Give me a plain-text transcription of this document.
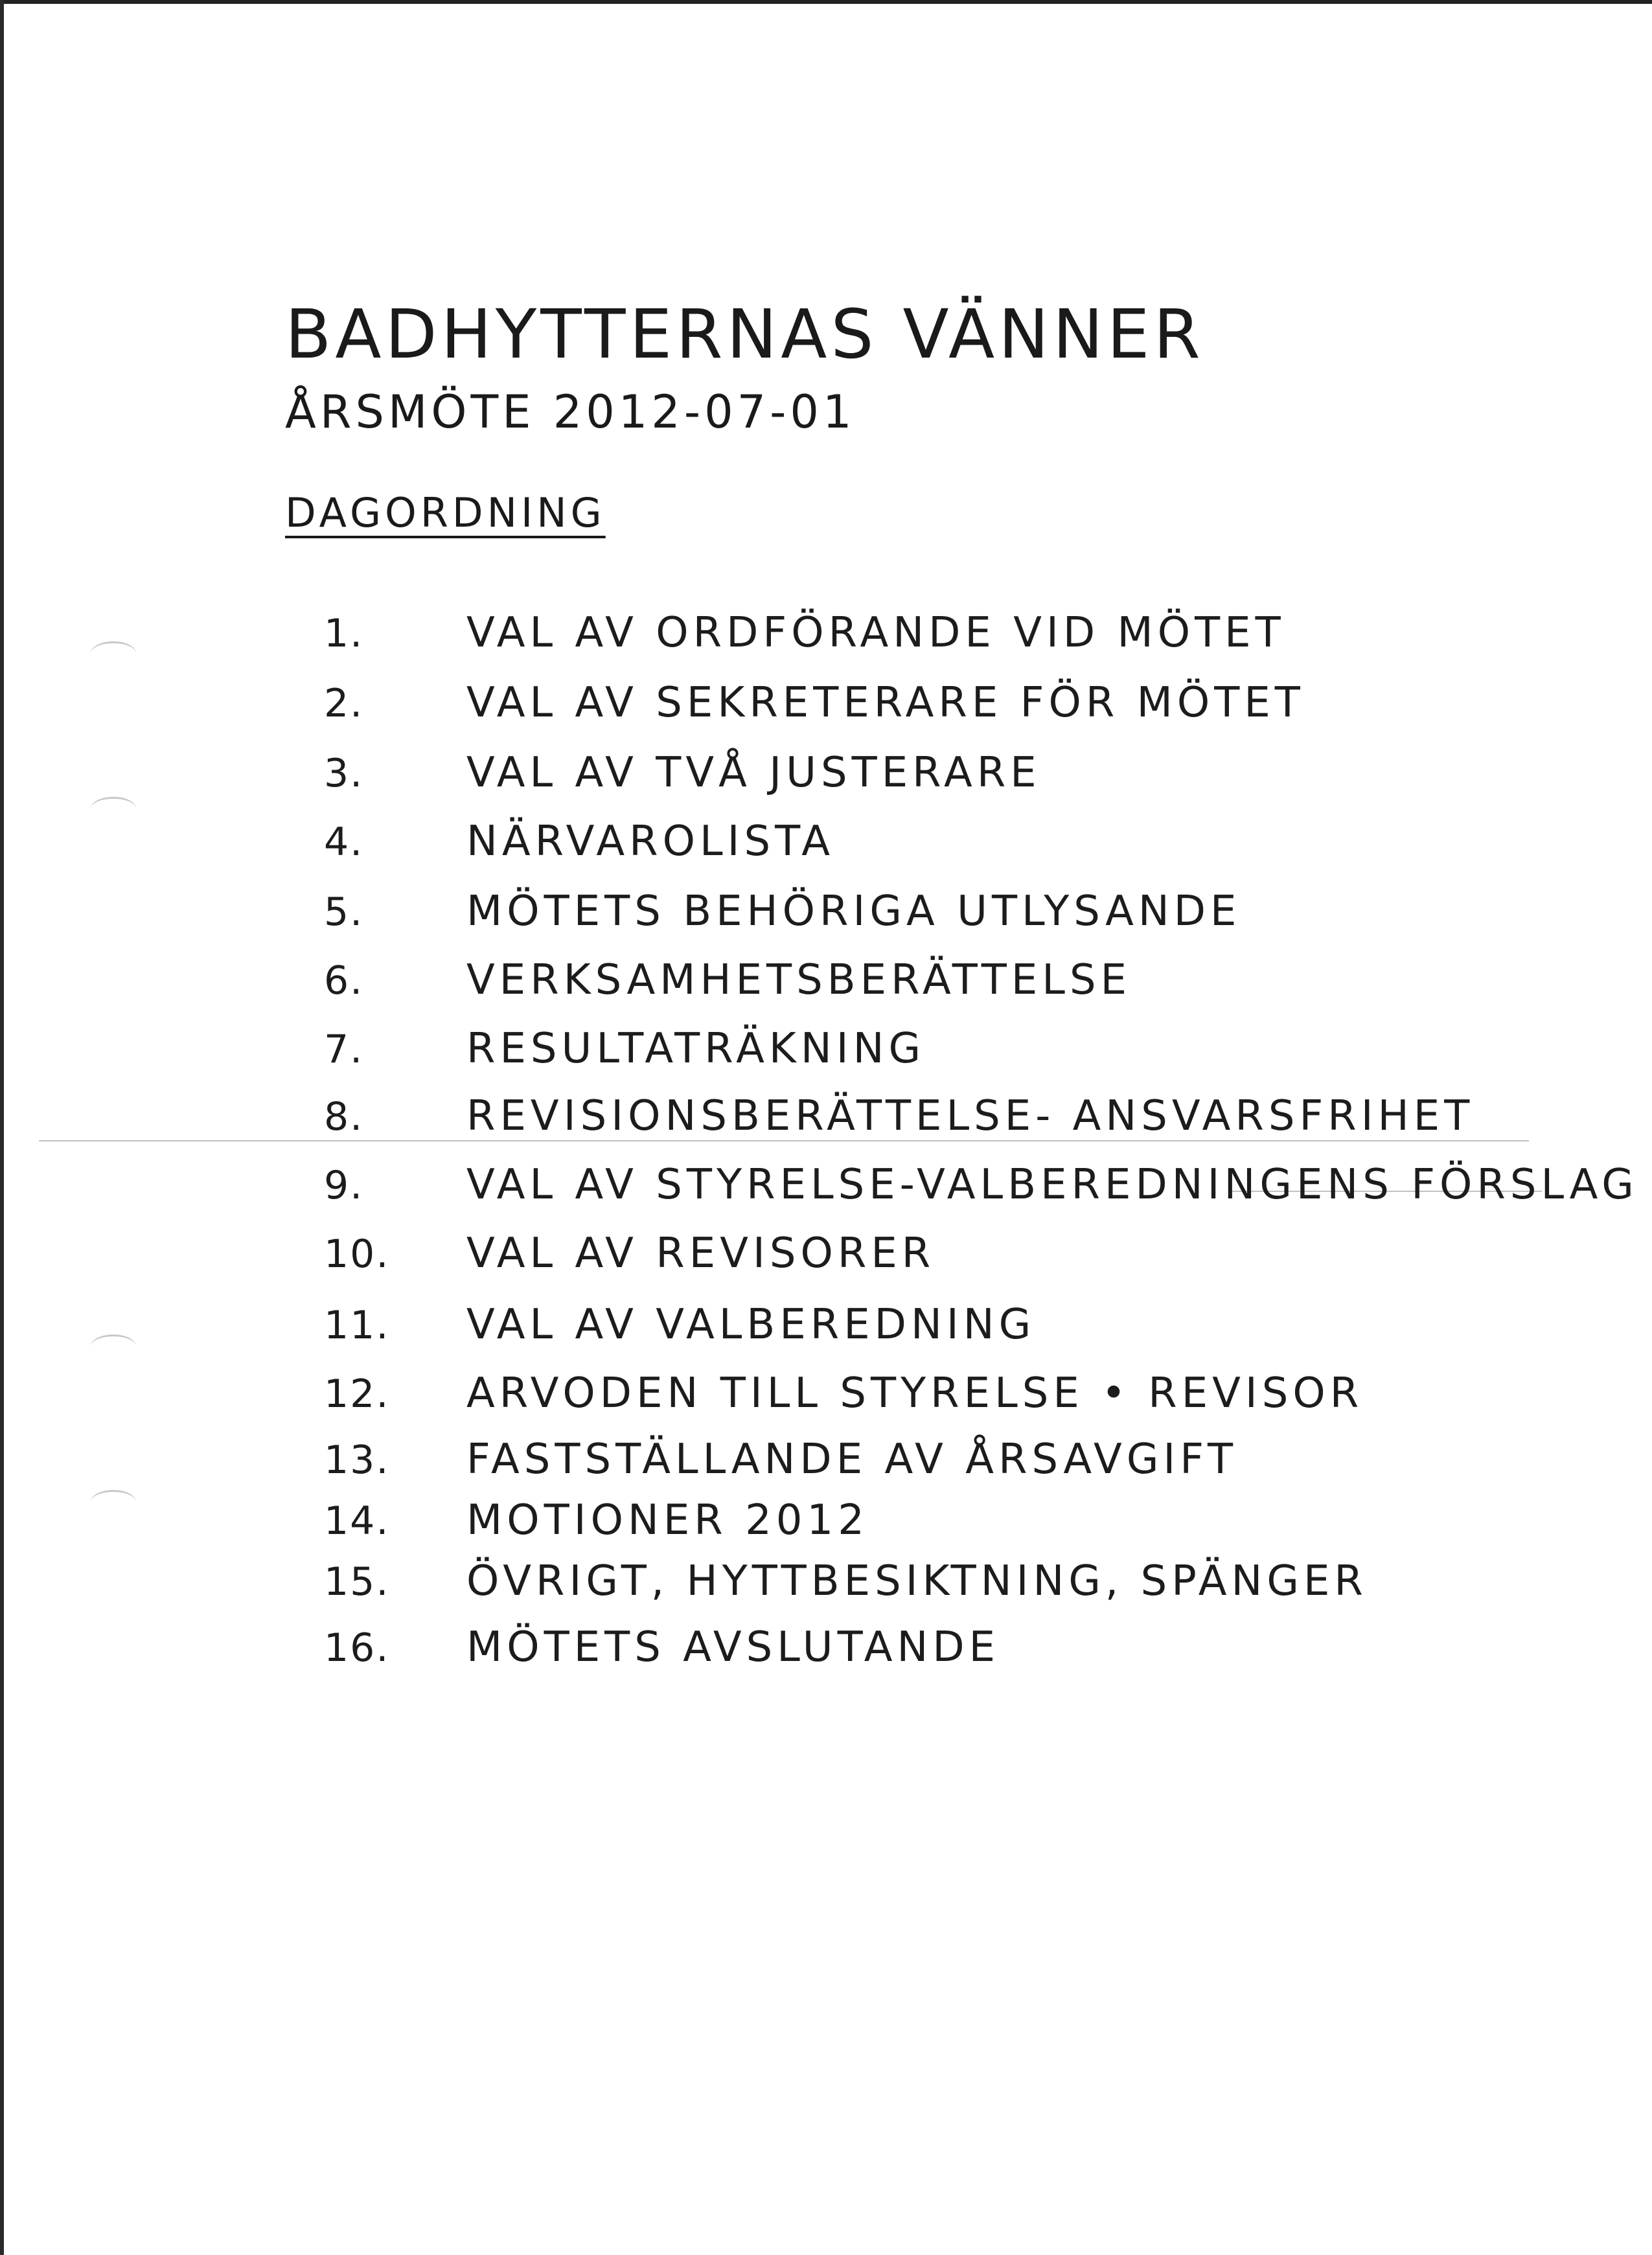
BADHYTTERNAS VÄNNER
ÅRSMÖTE 2012-07-01
DAGORDNING
1.	VAL AV ORDFÖRANDE VID MÖTET
2.	VAL AV SEKRETERARE FÖR MÖTET
3.	VAL AV TVÅ JUSTERARE
4.	NÄRVAROLISTA
5.	MÖTETS BEHÖRIGA UTLYSANDE
6.	VERKSAMHETSBERÄTTELSE
7.	RESULTATRÄKNING
8.	REVISIONSBERÄTTELSE- ANSVARSFRIHET
9.	VAL AV STYRELSE-VALBEREDNINGENS FÖRSLAG
10.	VAL AV REVISORER
11.	VAL AV VALBEREDNING
12.	ARVODEN TILL STYRELSE • REVISOR
13.	FASTSTÄLLANDE AV ÅRSAVGIFT
14.	MOTIONER 2012
15.	ÖVRIGT, HYTTBESIKTNING, SPÄNGER
16.	MÖTETS AVSLUTANDE
